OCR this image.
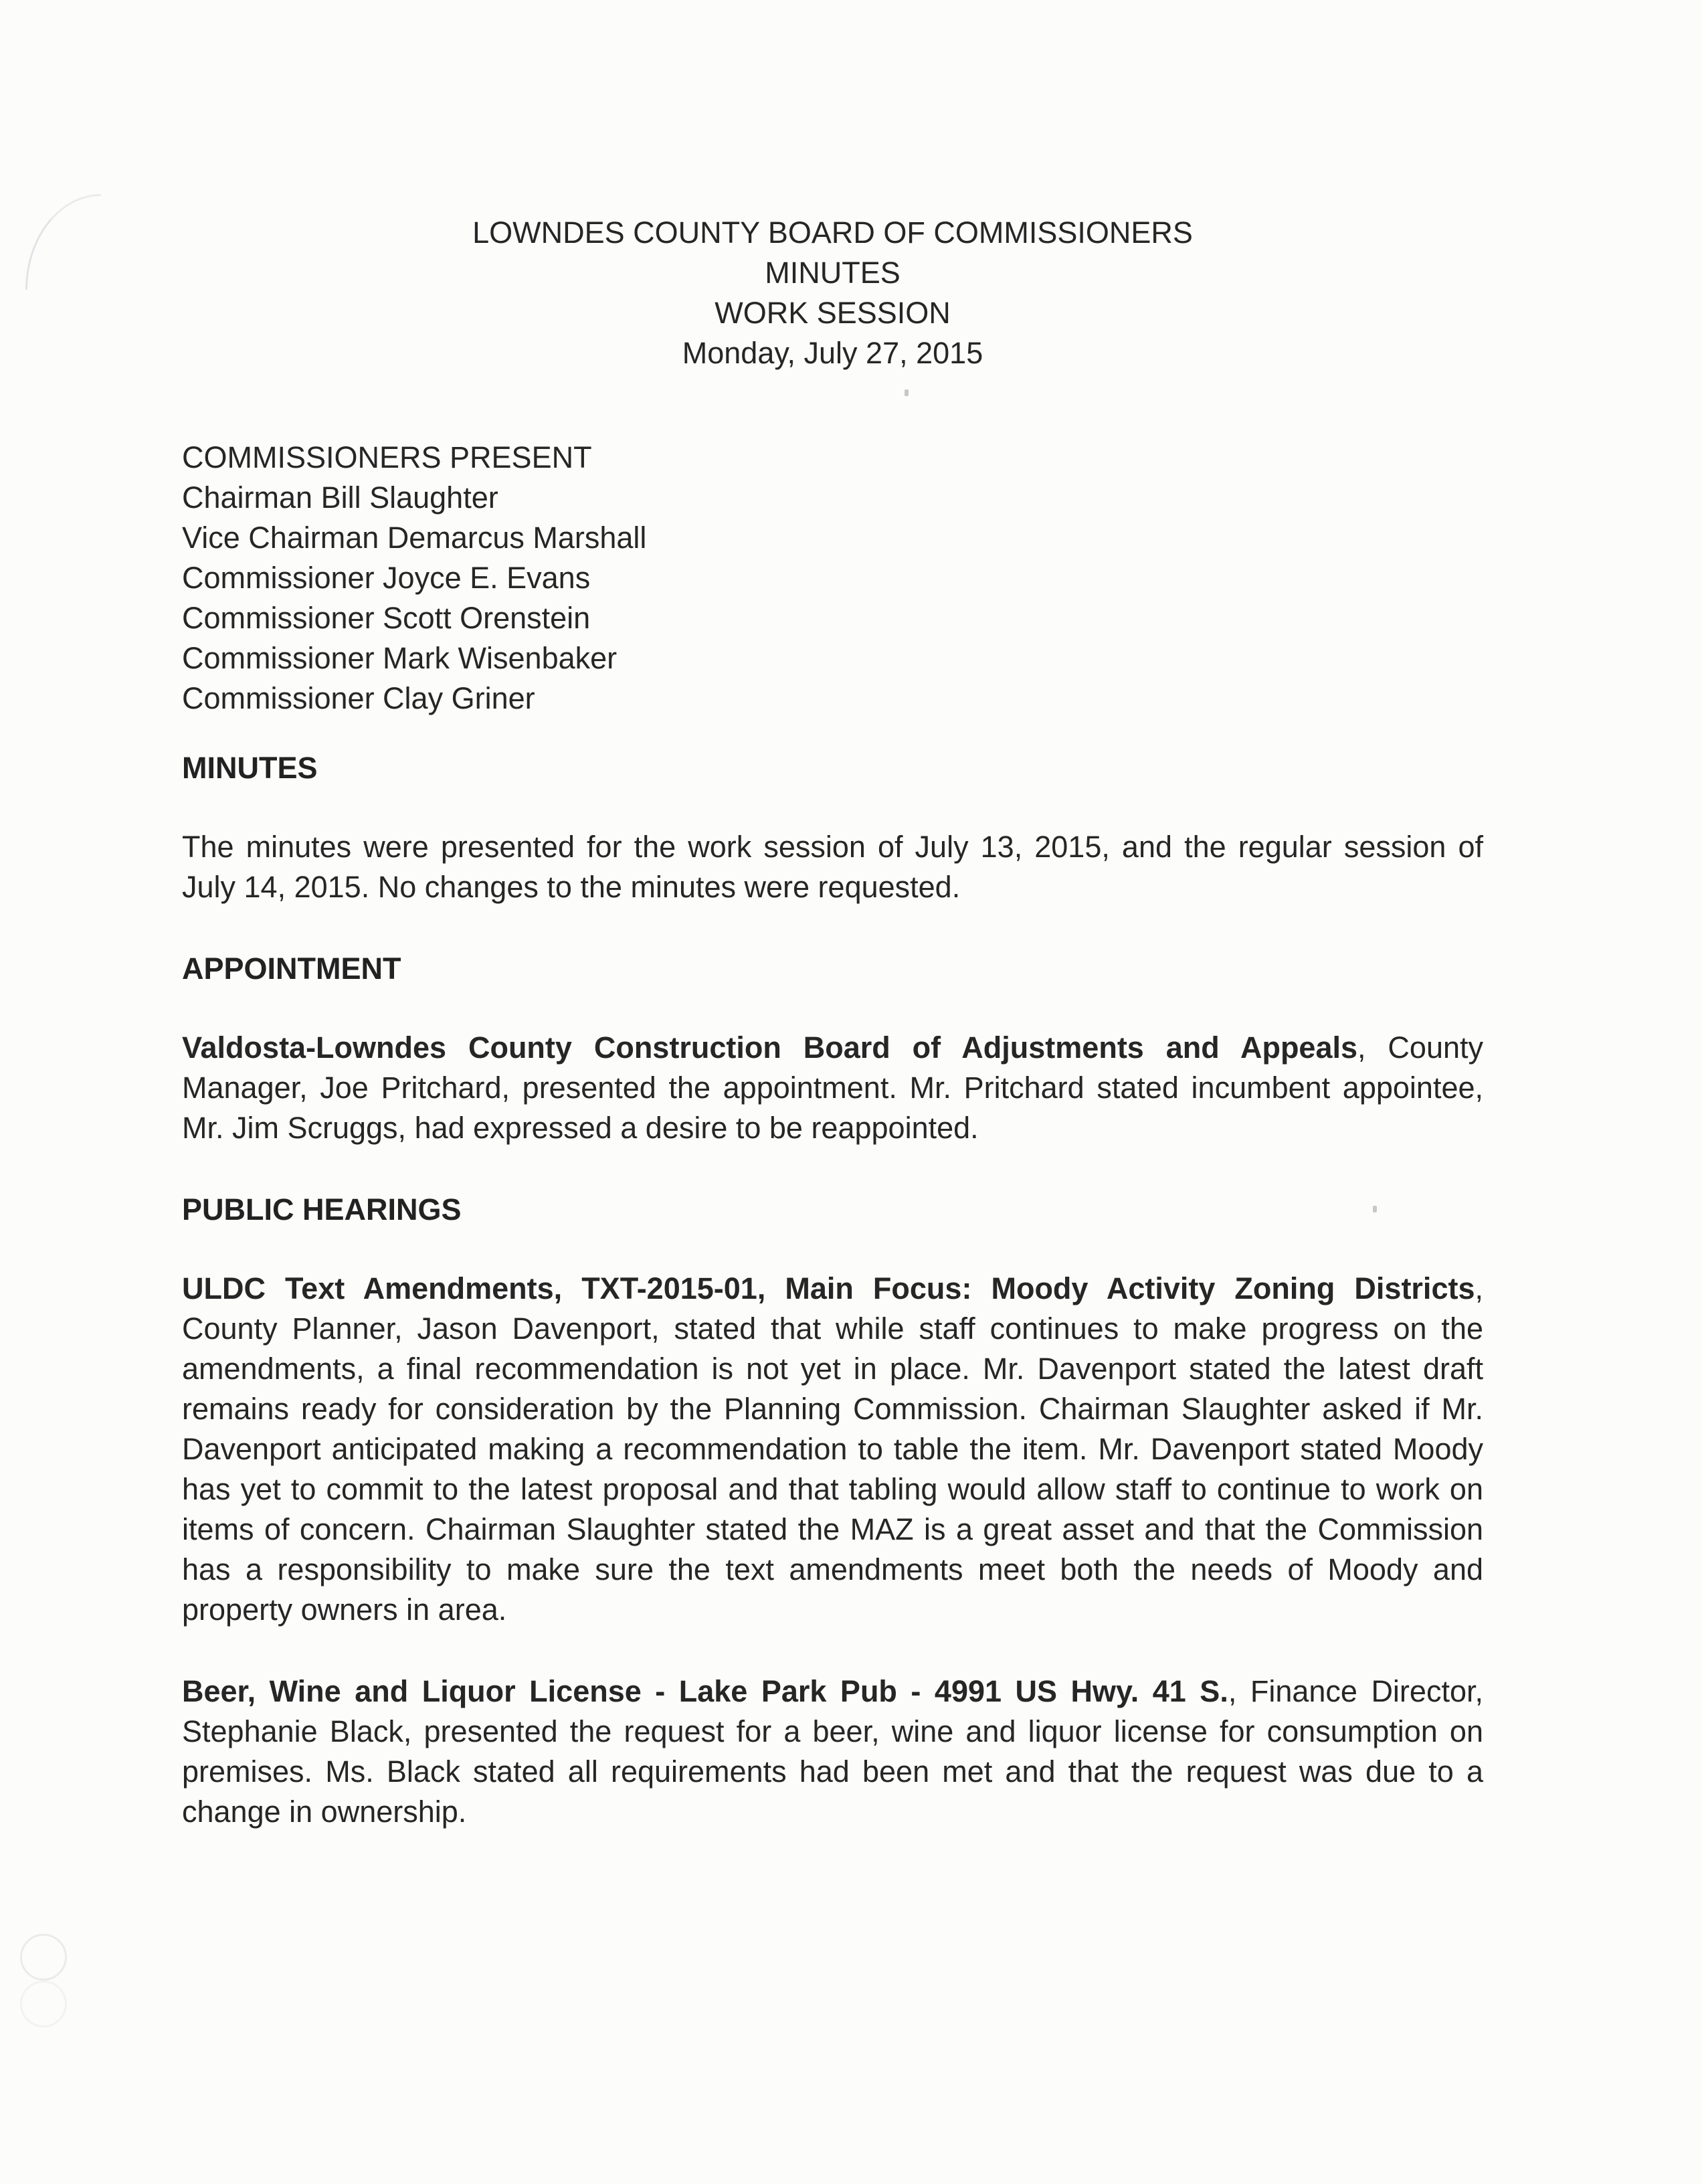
LOWNDES COUNTY BOARD OF COMMISSIONERS
MINUTES
WORK SESSION
Monday, July 27, 2015
COMMISSIONERS PRESENT
Chairman Bill Slaughter
Vice Chairman Demarcus Marshall
Commissioner Joyce E. Evans
Commissioner Scott Orenstein
Commissioner Mark Wisenbaker
Commissioner Clay Griner
MINUTES

The minutes were presented for the work session of July 13, 2015, and the regular session of July 14, 2015. No changes to the minutes were requested.

APPOINTMENT

Valdosta-Lowndes County Construction Board of Adjustments and Appeals, County Manager, Joe Pritchard, presented the appointment. Mr. Pritchard stated incumbent appointee, Mr. Jim Scruggs, had expressed a desire to be reappointed.

PUBLIC HEARINGS

ULDC Text Amendments, TXT-2015-01, Main Focus: Moody Activity Zoning Districts, County Planner, Jason Davenport, stated that while staff continues to make progress on the amendments, a final recommendation is not yet in place. Mr. Davenport stated the latest draft remains ready for consideration by the Planning Commission. Chairman Slaughter asked if Mr. Davenport anticipated making a recommendation to table the item. Mr. Davenport stated Moody has yet to commit to the latest proposal and that tabling would allow staff to continue to work on items of concern. Chairman Slaughter stated the MAZ is a great asset and that the Commission has a responsibility to make sure the text amendments meet both the needs of Moody and property owners in area.

Beer, Wine and Liquor License - Lake Park Pub - 4991 US Hwy. 41 S., Finance Director, Stephanie Black, presented the request for a beer, wine and liquor license for consumption on premises. Ms. Black stated all requirements had been met and that the request was due to a change in ownership.
